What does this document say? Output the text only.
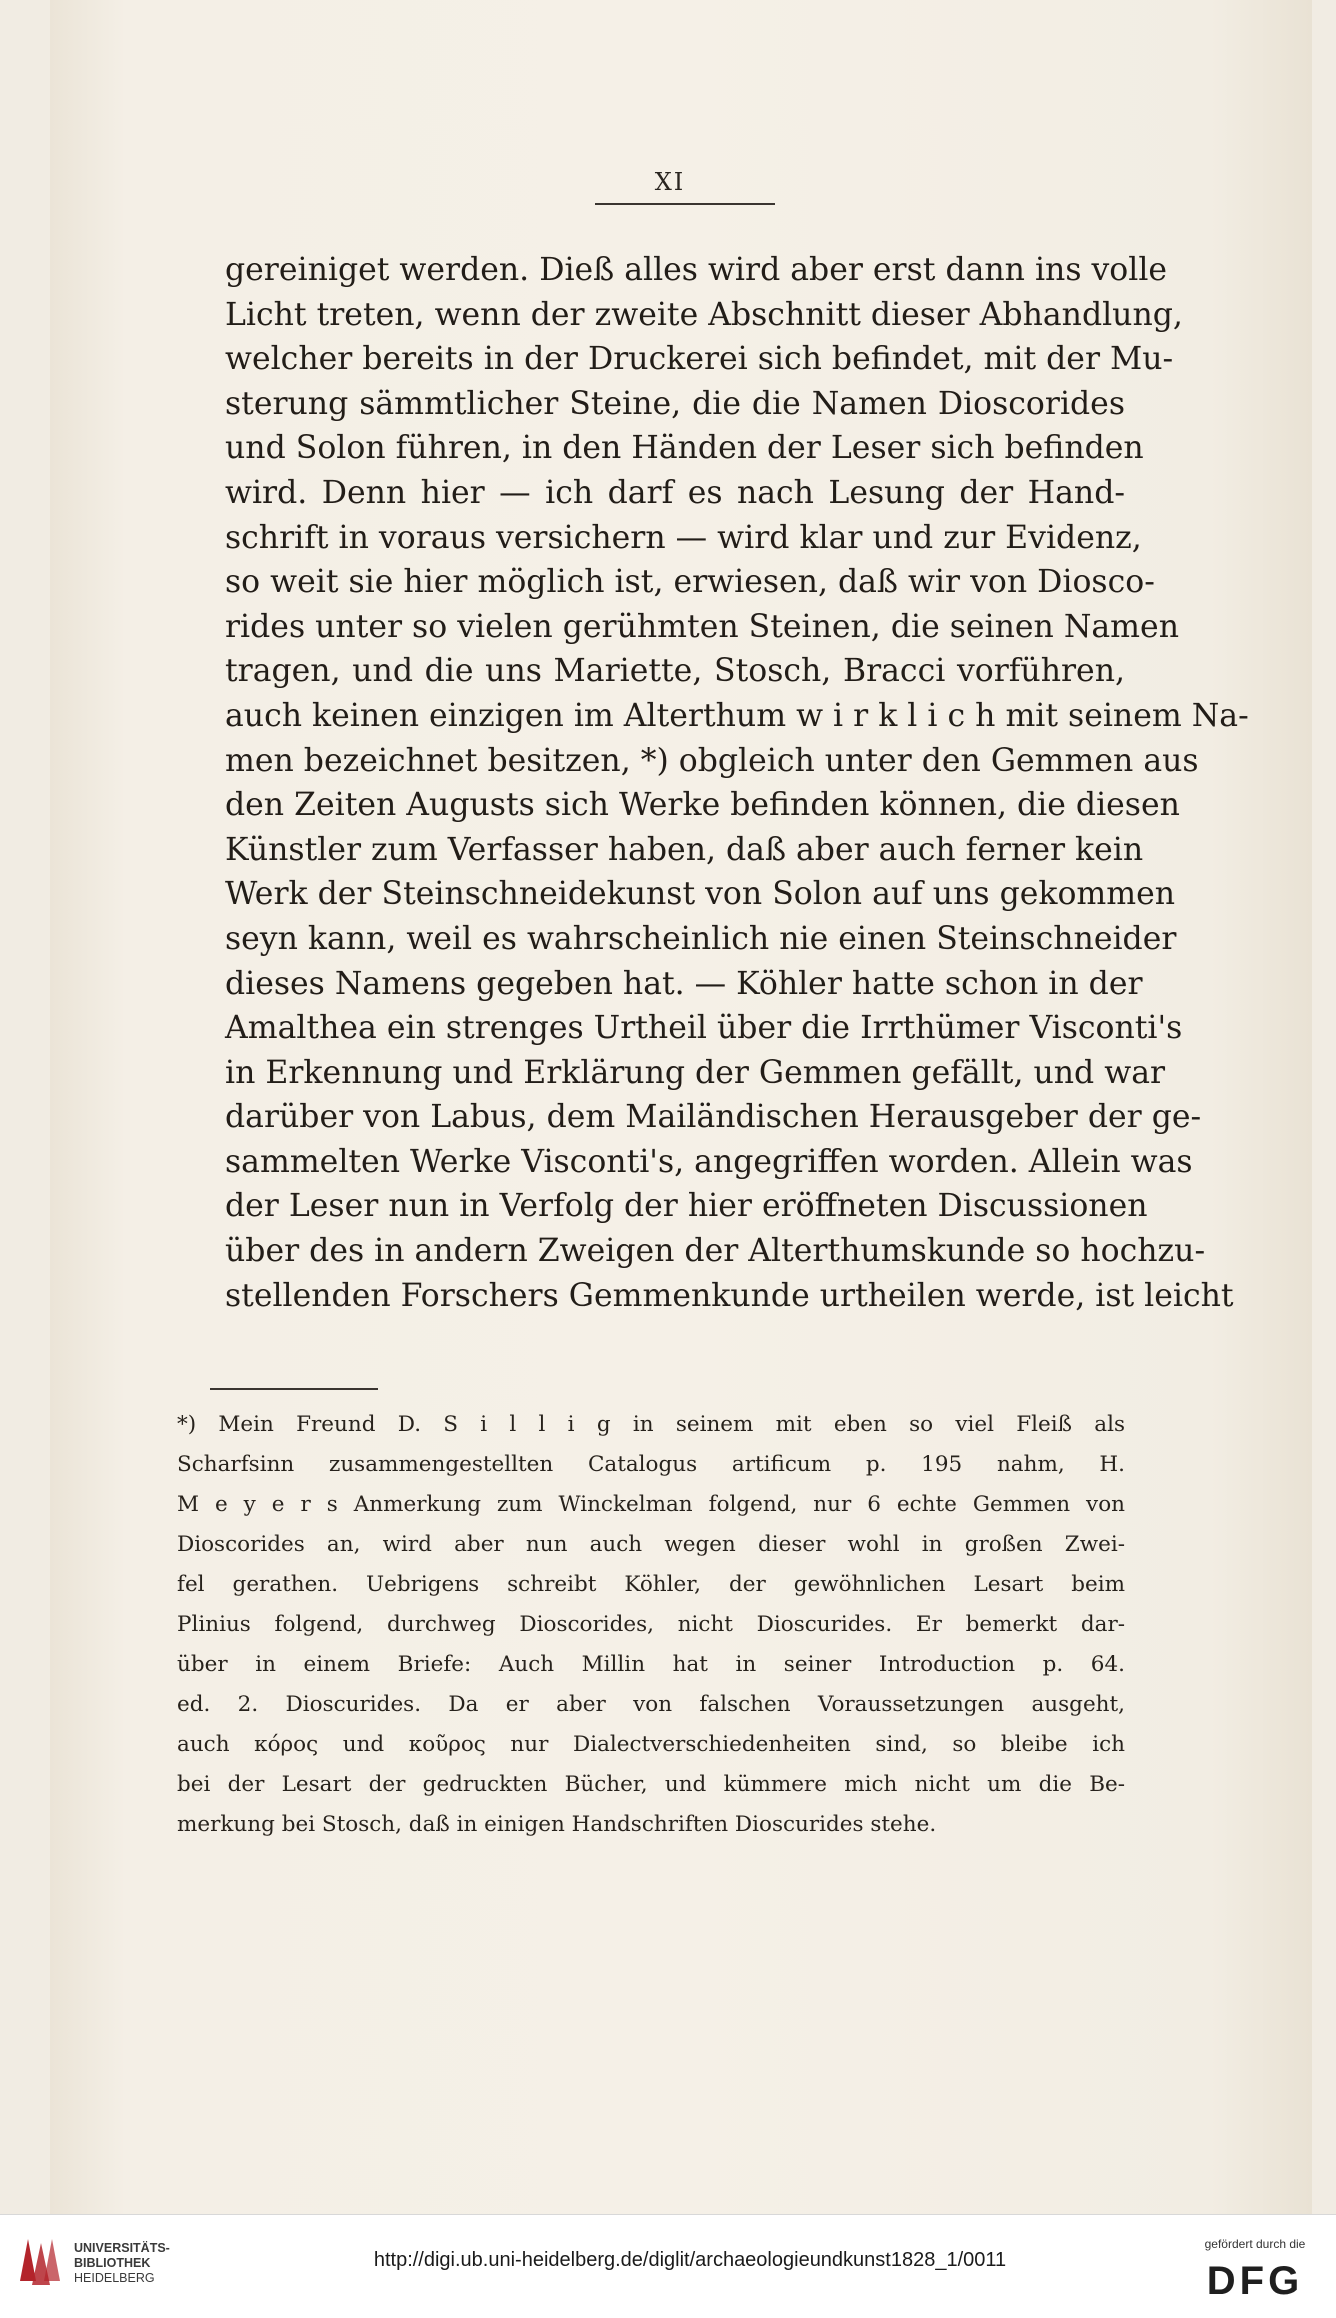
XI
gereiniget werden. Dieß alles wird aber erst dann ins volle
Licht treten, wenn der zweite Abschnitt dieser Abhandlung,
welcher bereits in der Druckerei sich befindet, mit der Mu-
sterung sämmtlicher Steine, die die Namen Dioscorides
und Solon führen, in den Händen der Leser sich befinden
wird. Denn hier — ich darf es nach Lesung der Hand-
schrift in voraus versichern — wird klar und zur Evidenz,
so weit sie hier möglich ist, erwiesen, daß wir von Diosco-
rides unter so vielen gerühmten Steinen, die seinen Namen
tragen, und die uns Mariette, Stosch, Bracci vorführen,
auch keinen einzigen im Alterthum w i r k l i c h mit seinem Na-
men bezeichnet besitzen, *) obgleich unter den Gemmen aus
den Zeiten Augusts sich Werke befinden können, die diesen
Künstler zum Verfasser haben, daß aber auch ferner kein
Werk der Steinschneidekunst von Solon auf uns gekommen
seyn kann, weil es wahrscheinlich nie einen Steinschneider
dieses Namens gegeben hat. — Köhler hatte schon in der
Amalthea ein strenges Urtheil über die Irrthümer Visconti's
in Erkennung und Erklärung der Gemmen gefällt, und war
darüber von Labus, dem Mailändischen Herausgeber der ge-
sammelten Werke Visconti's, angegriffen worden. Allein was
der Leser nun in Verfolg der hier eröffneten Discussionen
über des in andern Zweigen der Alterthumskunde so hochzu-
stellenden Forschers Gemmenkunde urtheilen werde, ist leicht
*) Mein Freund D. S i l l i g in seinem mit eben so viel Fleiß als
Scharfsinn zusammengestellten Catalogus artificum p. 195 nahm, H.
M e y e r s Anmerkung zum Winckelman folgend, nur 6 echte Gemmen von
Dioscorides an, wird aber nun auch wegen dieser wohl in großen Zwei-
fel gerathen. Uebrigens schreibt Köhler, der gewöhnlichen Lesart beim
Plinius folgend, durchweg Dioscorides, nicht Dioscurides. Er bemerkt dar-
über in einem Briefe: Auch Millin hat in seiner Introduction p. 64.
ed. 2. Dioscurides. Da er aber von falschen Voraussetzungen ausgeht,
auch κόρος und κοῦρος nur Dialectverschiedenheiten sind, so bleibe ich
bei der Lesart der gedruckten Bücher, und kümmere mich nicht um die Be-
merkung bei Stosch, daß in einigen Handschriften Dioscurides stehe.
UNIVERSITÄTS-
BIBLIOTHEK
HEIDELBERG
http://digi.ub.uni-heidelberg.de/diglit/archaeologieundkunst1828_1/0011
gefördert durch die
DFG
